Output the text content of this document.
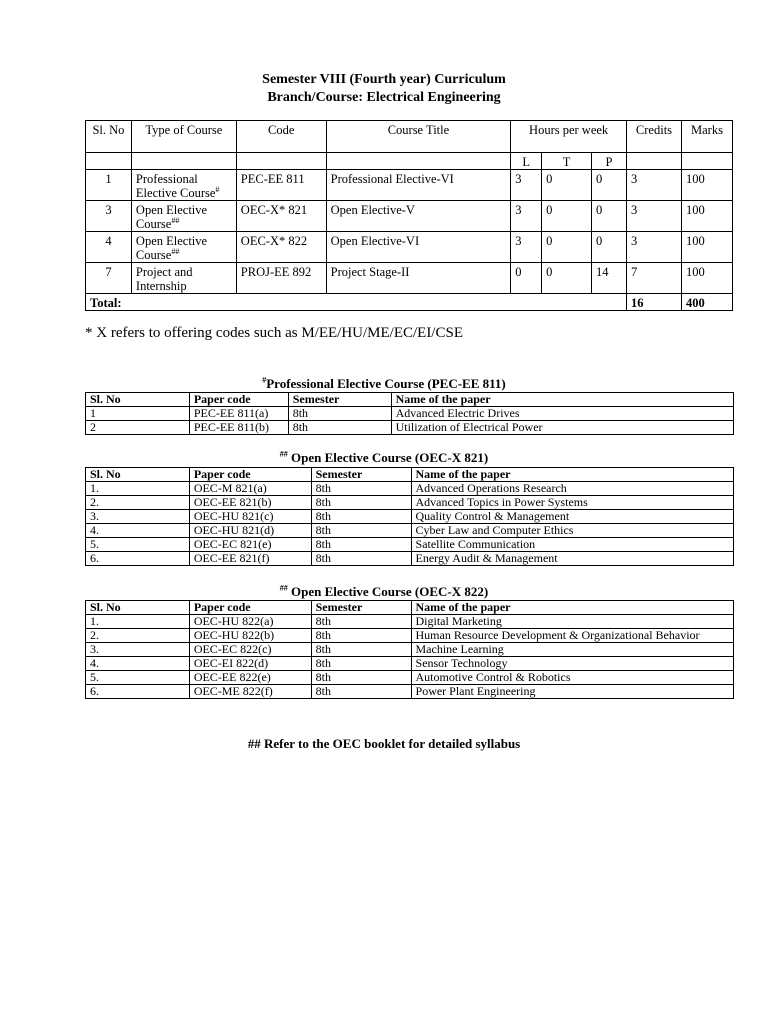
Semester VIII (Fourth year) Curriculum
Branch/Course: Electrical Engineering
Sl. No	Type of Course	Code	Course Title	Hours per week			Credits	Marks
				L	T	P		
1	Professional Elective Course#	PEC-EE 811	Professional Elective-VI	3	0	0	3	100
3	Open Elective Course##	OEC-X* 821	Open Elective-V	3	0	0	3	100
4	Open Elective Course##	OEC-X* 822	Open Elective-VI	3	0	0	3	100
7	Project and Internship	PROJ-EE 892	Project Stage-II	0	0	14	7	100
Total:							16	400
* X refers to offering codes such as M/EE/HU/ME/EC/EI/CSE
#Professional Elective Course (PEC-EE 811)
Sl. No	Paper code	Semester	Name of the paper
1	PEC-EE 811(a)	8th	Advanced Electric Drives
2	PEC-EE 811(b)	8th	Utilization of Electrical Power
## Open Elective Course (OEC-X 821)
Sl. No	Paper code	Semester	Name of the paper
1.	OEC-M 821(a)	8th	Advanced Operations Research
2.	OEC-EE 821(b)	8th	Advanced Topics in Power Systems
3.	OEC-HU 821(c)	8th	Quality Control & Management
4.	OEC-HU 821(d)	8th	Cyber Law and Computer Ethics
5.	OEC-EC 821(e)	8th	Satellite Communication
6.	OEC-EE 821(f)	8th	Energy Audit & Management
## Open Elective Course (OEC-X 822)
Sl. No	Paper code	Semester	Name of the paper
1.	OEC-HU 822(a)	8th	Digital Marketing
2.	OEC-HU 822(b)	8th	Human Resource Development & Organizational Behavior
3.	OEC-EC 822(c)	8th	Machine Learning
4.	OEC-EI 822(d)	8th	Sensor Technology
5.	OEC-EE 822(e)	8th	Automotive Control & Robotics
6.	OEC-ME 822(f)	8th	Power Plant Engineering
## Refer to the OEC booklet for detailed syllabus
